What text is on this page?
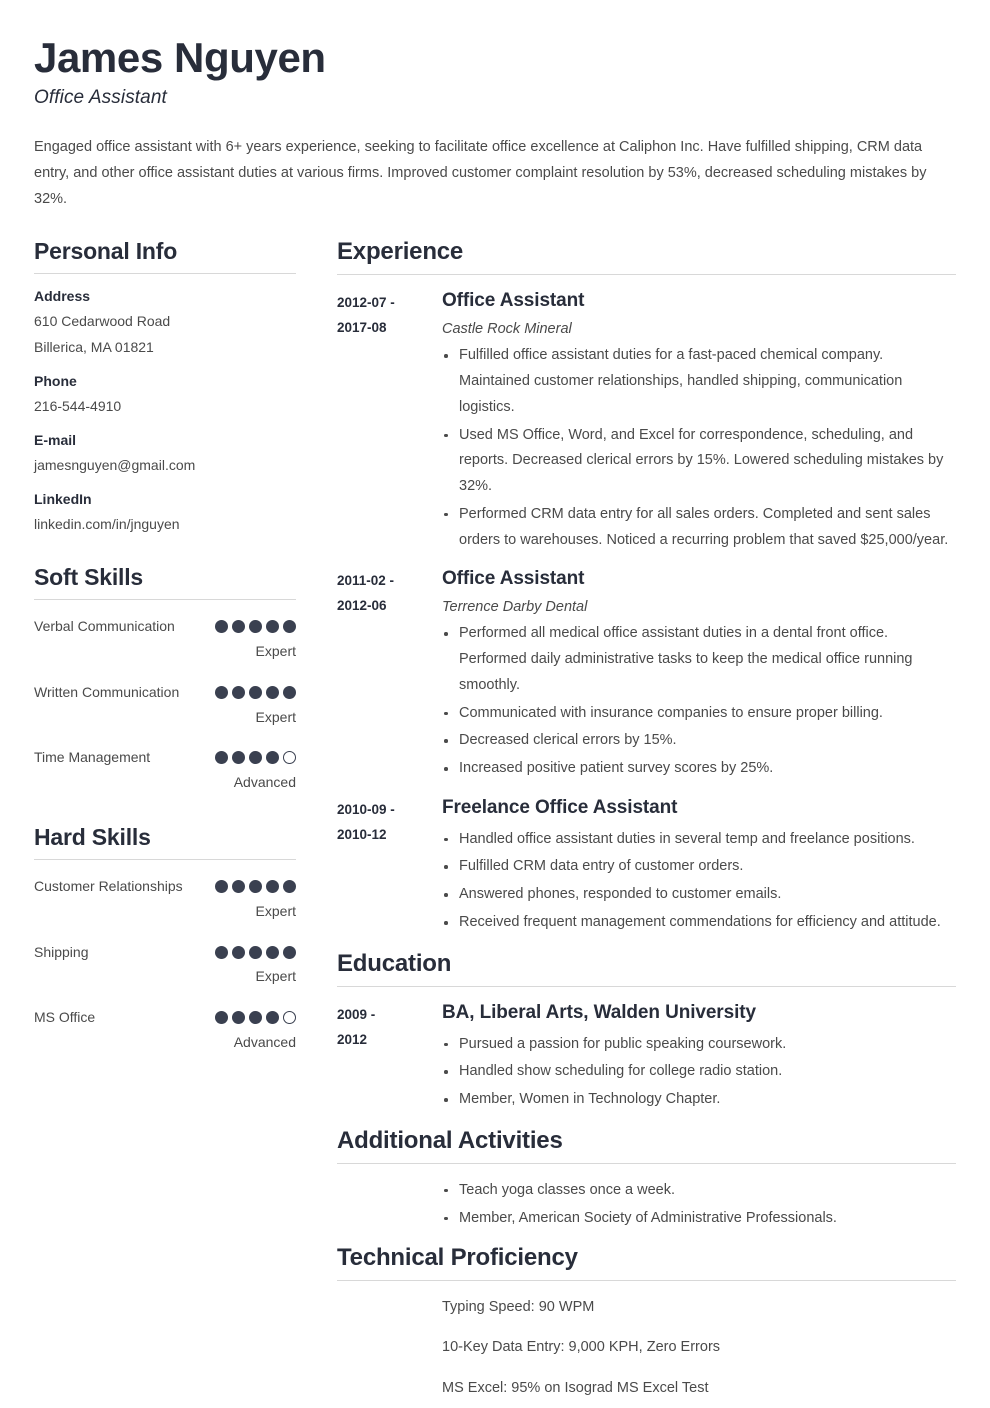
James Nguyen
Office Assistant
Engaged office assistant with 6+ years experience, seeking to facilitate office excellence at Caliphon Inc. Have fulfilled shipping, CRM data entry, and other office assistant duties at various firms. Improved customer complaint resolution by 53%, decreased scheduling mistakes by 32%.
Personal Info
Address
610 Cedarwood Road
Billerica, MA 01821
Phone
216-544-4910
E-mail
jamesnguyen@gmail.com
LinkedIn
linkedin.com/in/jnguyen
Soft Skills
Verbal Communication
Expert
Written Communication
Expert
Time Management
Advanced
Hard Skills
Customer Relationships
Expert
Shipping
Expert
MS Office
Advanced
Experience
2012-07 -
2017-08
Office Assistant
Castle Rock Mineral
Fulfilled office assistant duties for a fast-paced chemical company. Maintained customer relationships, handled shipping, communication logistics.
Used MS Office, Word, and Excel for correspondence, scheduling, and reports. Decreased clerical errors by 15%. Lowered scheduling mistakes by 32%.
Performed CRM data entry for all sales orders. Completed and sent sales orders to warehouses. Noticed a recurring problem that saved $25,000/year.
2011-02 -
2012-06
Office Assistant
Terrence Darby Dental
Performed all medical office assistant duties in a dental front office. Performed daily administrative tasks to keep the medical office running smoothly.
Communicated with insurance companies to ensure proper billing.
Decreased clerical errors by 15%.
Increased positive patient survey scores by 25%.
2010-09 -
2010-12
Freelance Office Assistant
Handled office assistant duties in several temp and freelance positions.
Fulfilled CRM data entry of customer orders.
Answered phones, responded to customer emails.
Received frequent management commendations for efficiency and attitude.
Education
2009 -
2012
BA, Liberal Arts, Walden University
Pursued a passion for public speaking coursework.
Handled show scheduling for college radio station.
Member, Women in Technology Chapter.
Additional Activities
Teach yoga classes once a week.
Member, American Society of Administrative Professionals.
Technical Proficiency
Typing Speed: 90 WPM
10-Key Data Entry: 9,000 KPH, Zero Errors
MS Excel: 95% on Isograd MS Excel Test
